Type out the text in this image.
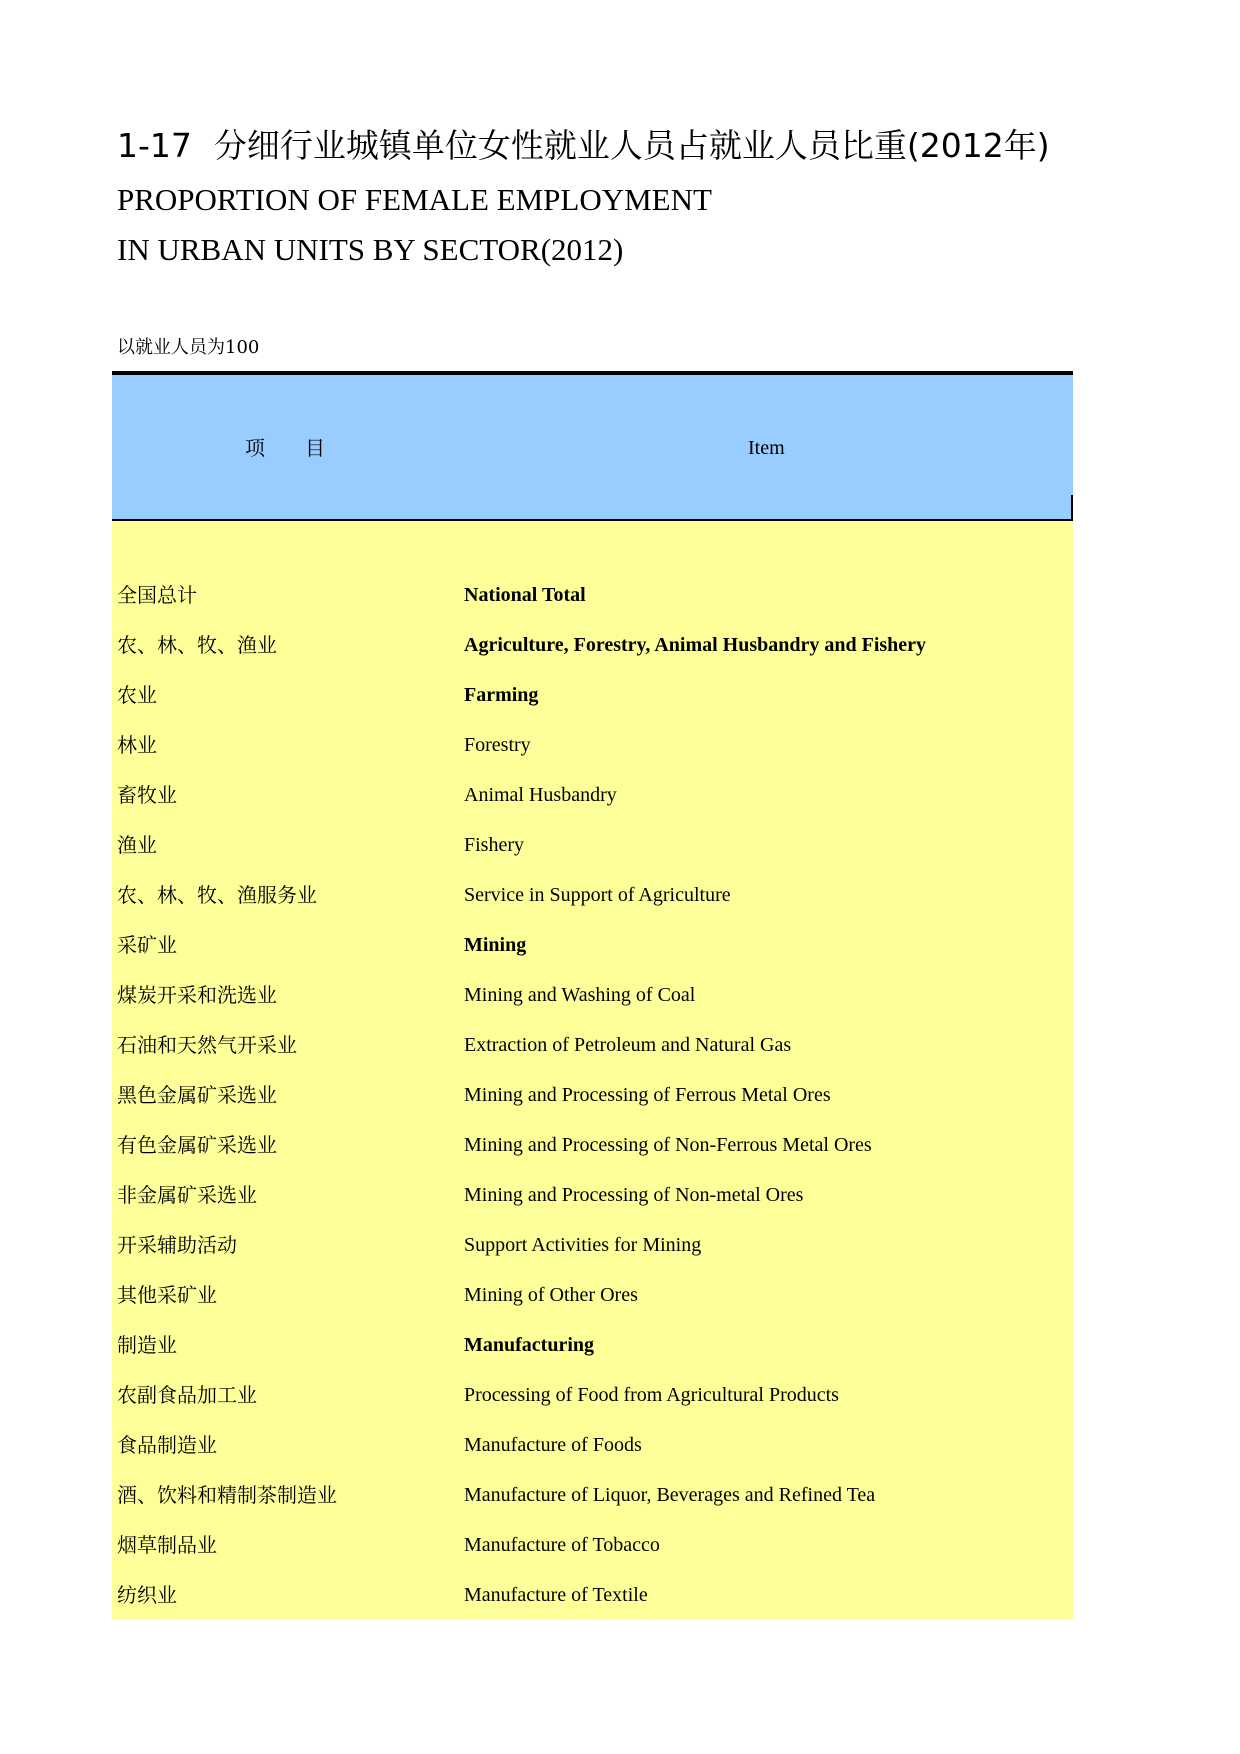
1-17 分细行业城镇单位女性就业人员占就业人员比重(2012年)
PROPORTION OF FEMALE EMPLOYMENT
IN URBAN UNITS BY SECTOR(2012)
以就业人员为100
项　　目	Item
全国总计	National Total
农、林、牧、渔业	Agriculture, Forestry, Animal Husbandry and Fishery
农业	Farming
林业	Forestry
畜牧业	Animal Husbandry
渔业	Fishery
农、林、牧、渔服务业	Service in Support of Agriculture
采矿业	Mining
煤炭开采和洗选业	Mining and Washing of Coal
石油和天然气开采业	Extraction of Petroleum and Natural Gas
黑色金属矿采选业	Mining and Processing of Ferrous Metal Ores
有色金属矿采选业	Mining and Processing of Non-Ferrous Metal Ores
非金属矿采选业	Mining and Processing of Non-metal Ores
开采辅助活动	Support Activities for Mining
其他采矿业	Mining of Other Ores
制造业	Manufacturing
农副食品加工业	Processing of Food from Agricultural Products
食品制造业	Manufacture of Foods
酒、饮料和精制茶制造业	Manufacture of Liquor, Beverages and Refined Tea
烟草制品业	Manufacture of Tobacco
纺织业	Manufacture of Textile
